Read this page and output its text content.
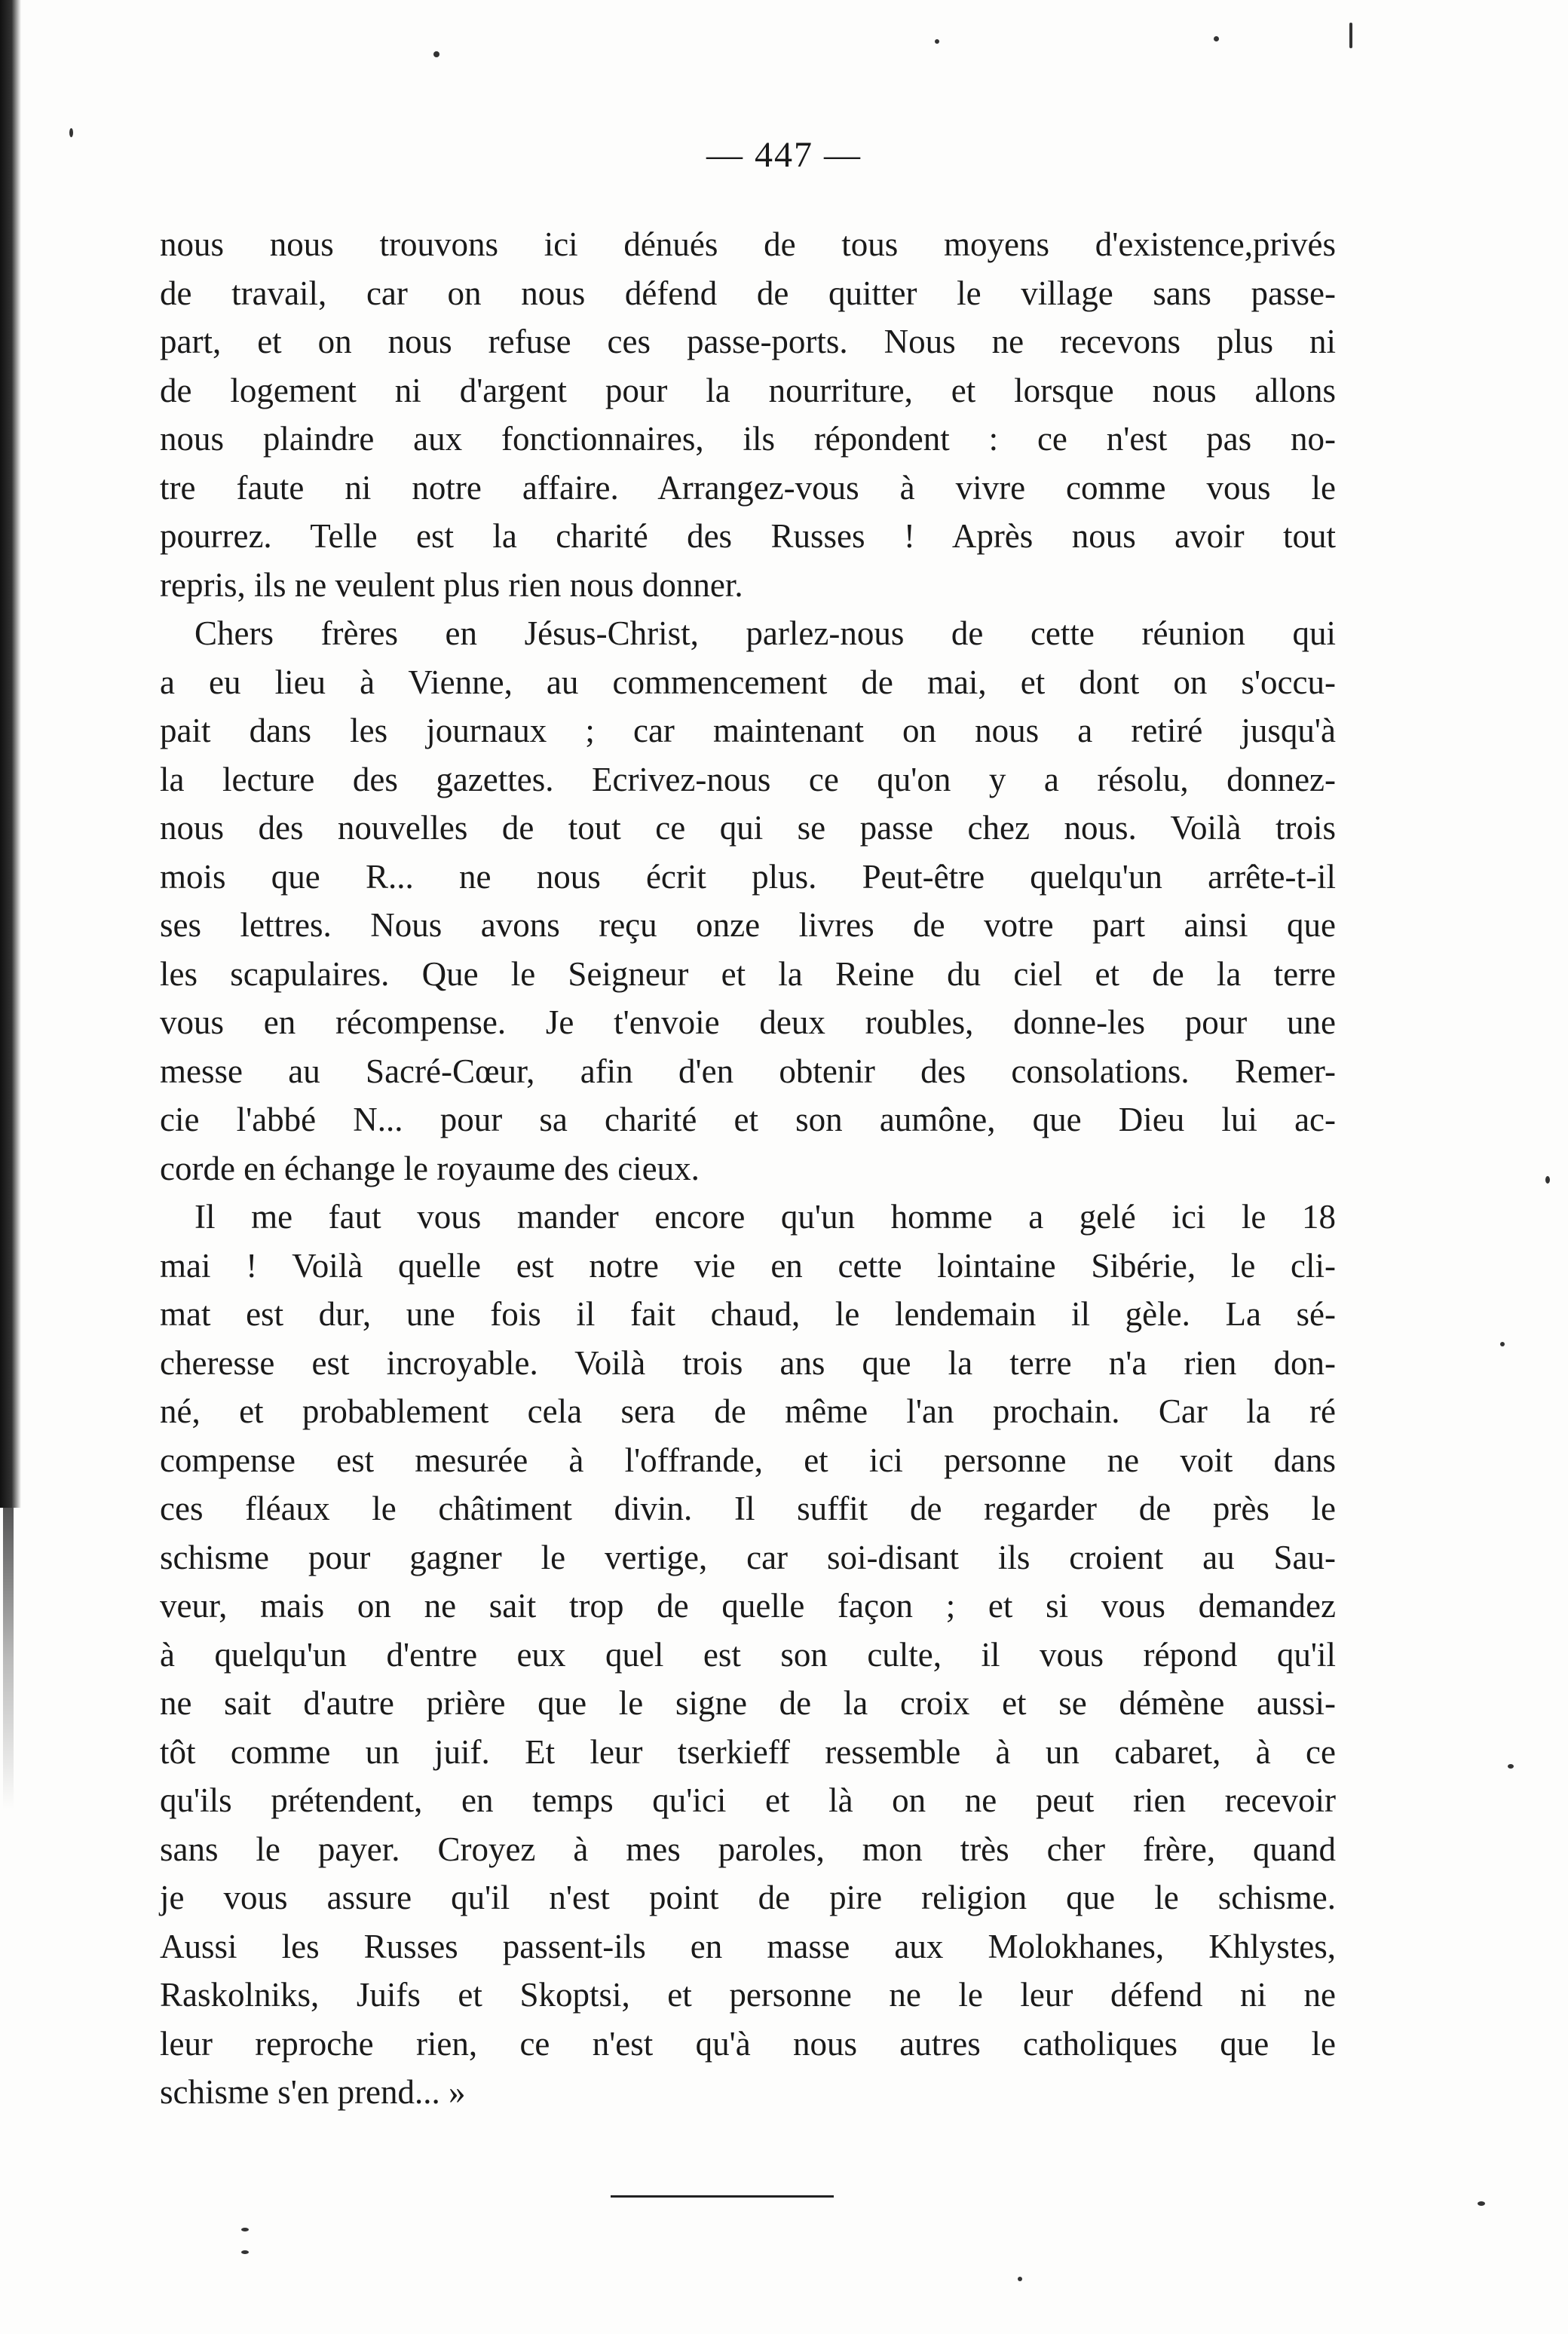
— 447 —
nous nous trouvons ici dénués de tous moyens d'existence,privés
de travail, car on nous défend de quitter le village sans passe-
part, et on nous refuse ces passe-ports. Nous ne recevons plus ni
de logement ni d'argent pour la nourriture, et lorsque nous allons
nous plaindre aux fonctionnaires, ils répondent : ce n'est pas no-
tre faute ni notre affaire. Arrangez-vous à vivre comme vous le
pourrez. Telle est la charité des Russes ! Après nous avoir tout
repris, ils ne veulent plus rien nous donner.
Chers frères en Jésus-Christ, parlez-nous de cette réunion qui
a eu lieu à Vienne, au commencement de mai, et dont on s'occu-
pait dans les journaux ; car maintenant on nous a retiré jusqu'à
la lecture des gazettes. Ecrivez-nous ce qu'on y a résolu, donnez-
nous des nouvelles de tout ce qui se passe chez nous. Voilà trois
mois que R... ne nous écrit plus. Peut-être quelqu'un arrête-t-il
ses lettres. Nous avons reçu onze livres de votre part ainsi que
les scapulaires. Que le Seigneur et la Reine du ciel et de la terre
vous en récompense. Je t'envoie deux roubles, donne-les pour une
messe au Sacré-Cœur, afin d'en obtenir des consolations. Remer-
cie l'abbé N... pour sa charité et son aumône, que Dieu lui ac-
corde en échange le royaume des cieux.
Il me faut vous mander encore qu'un homme a gelé ici le 18
mai ! Voilà quelle est notre vie en cette lointaine Sibérie, le cli-
mat est dur, une fois il fait chaud, le lendemain il gèle. La sé-
cheresse est incroyable. Voilà trois ans que la terre n'a rien don-
né, et probablement cela sera de même l'an prochain. Car la ré
compense est mesurée à l'offrande, et ici personne ne voit dans
ces fléaux le châtiment divin. Il suffit de regarder de près le
schisme pour gagner le vertige, car soi-disant ils croient au Sau-
veur, mais on ne sait trop de quelle façon ; et si vous demandez
à quelqu'un d'entre eux quel est son culte, il vous répond qu'il
ne sait d'autre prière que le signe de la croix et se démène aussi-
tôt comme un juif. Et leur tserkieff ressemble à un cabaret, à ce
qu'ils prétendent, en temps qu'ici et là on ne peut rien recevoir
sans le payer. Croyez à mes paroles, mon très cher frère, quand
je vous assure qu'il n'est point de pire religion que le schisme.
Aussi les Russes passent-ils en masse aux Molokhanes, Khlystes,
Raskolniks, Juifs et Skoptsi, et personne ne le leur défend ni ne
leur reproche rien, ce n'est qu'à nous autres catholiques que le
schisme s'en prend... »
